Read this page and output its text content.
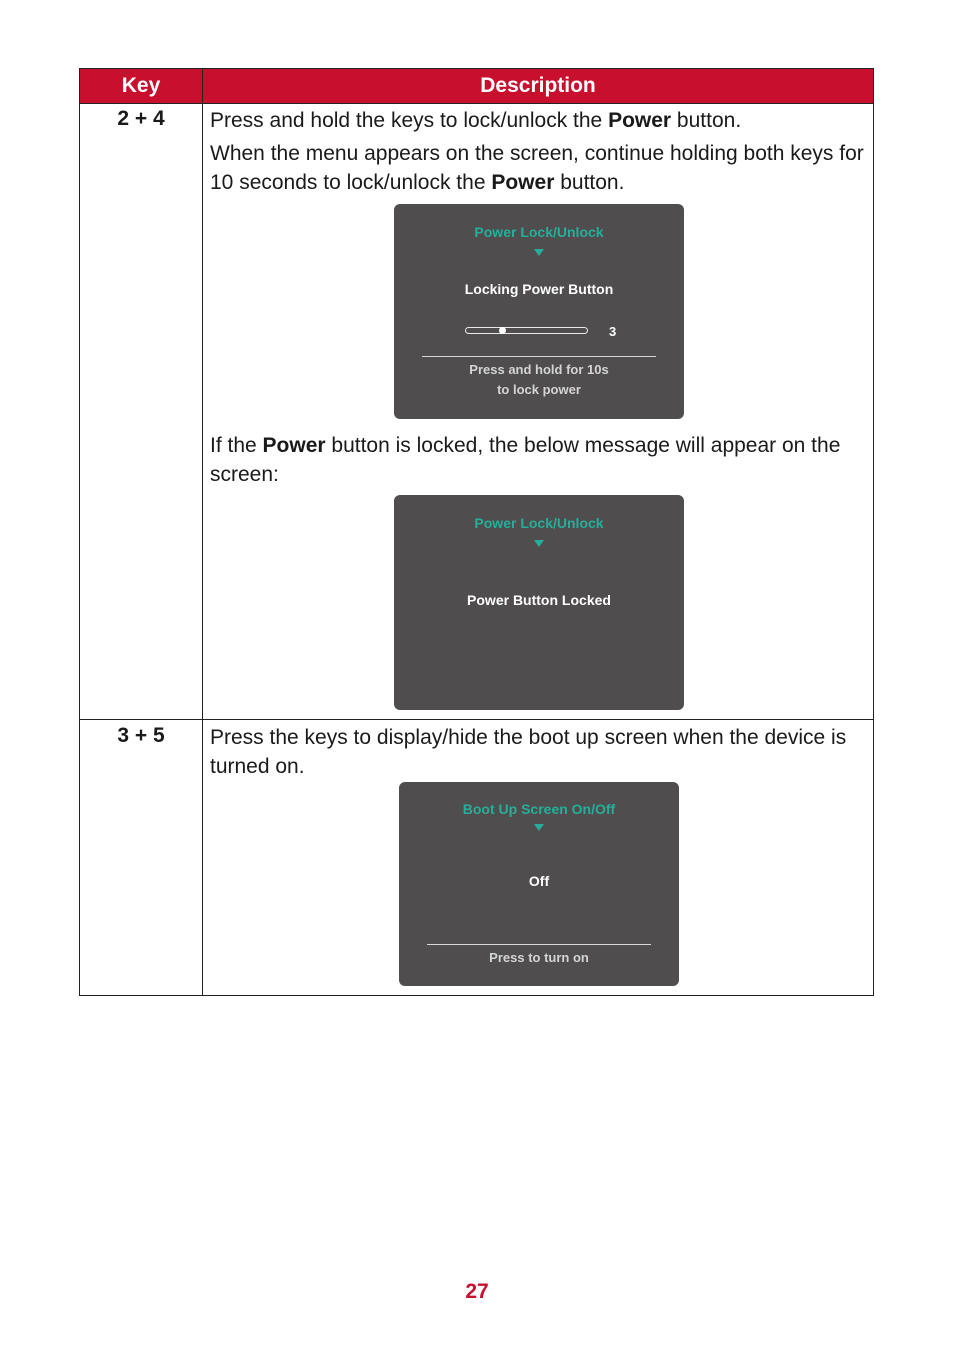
Key	Description
2 + 4	Press and hold the keys to lock/unlock the Power button.
When the menu appears on the screen, continue holding both keys for 10 seconds to lock/unlock the Power button.
Power Lock/Unlock
Locking Power Button
3
Press and hold for 10s
to lock power
If the Power button is locked, the below message will appear on the screen:
Power Lock/Unlock
Power Button Locked
3 + 5	Press the keys to display/hide the boot up screen when the device is turned on.
Boot Up Screen On/Off
Off
Press to turn on
27
